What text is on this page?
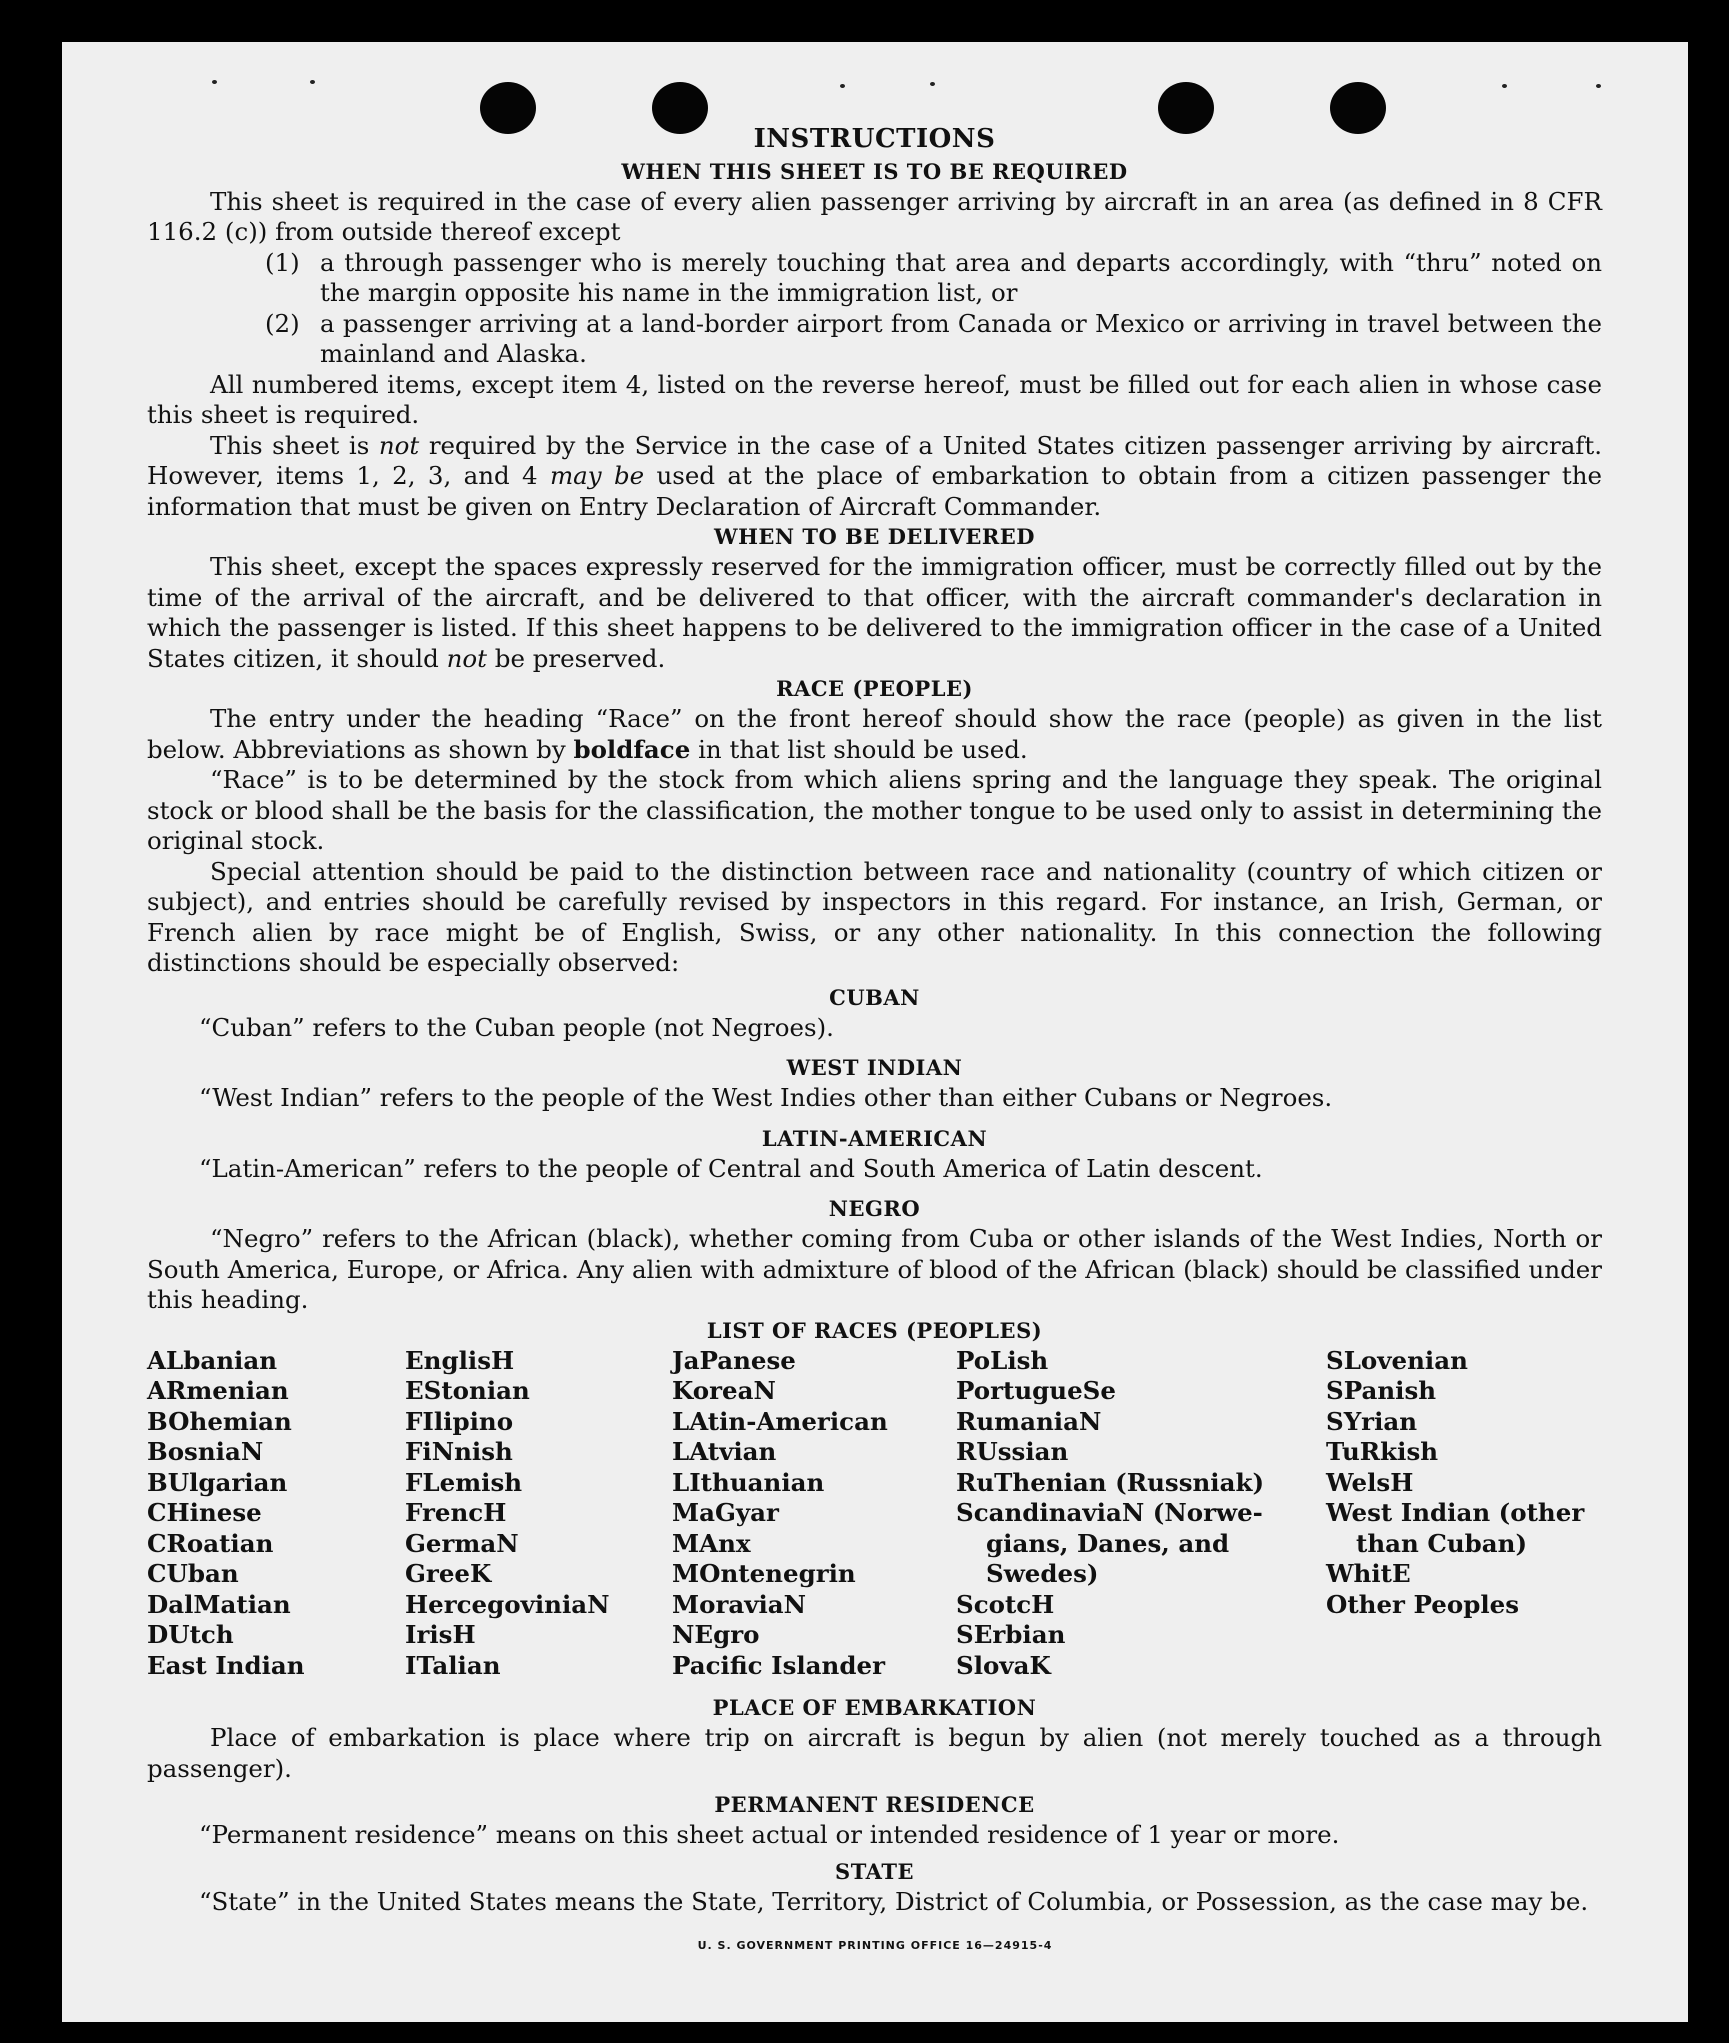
INSTRUCTIONS
WHEN THIS SHEET IS TO BE REQUIRED

This sheet is required in the case of every alien passenger arriving by aircraft in an area (as defined in 8 CFR 116.2 (c)) from outside thereof except

(1) a through passenger who is merely touching that area and departs accordingly, with “thru” noted on the margin opposite his name in the immigration list, or
(2) a passenger arriving at a land-border airport from Canada or Mexico or arriving in travel between the mainland and Alaska.

All numbered items, except item 4, listed on the reverse hereof, must be filled out for each alien in whose case this sheet is required.

This sheet is not required by the Service in the case of a United States citizen passenger arriving by aircraft. However, items 1, 2, 3, and 4 may be used at the place of embarkation to obtain from a citizen passenger the information that must be given on Entry Declaration of Aircraft Commander.

WHEN TO BE DELIVERED

This sheet, except the spaces expressly reserved for the immigration officer, must be correctly filled out by the time of the arrival of the aircraft, and be delivered to that officer, with the aircraft commander's declaration in which the passenger is listed. If this sheet happens to be delivered to the immigration officer in the case of a United States citizen, it should not be preserved.

RACE (PEOPLE)

The entry under the heading “Race” on the front hereof should show the race (people) as given in the list below. Abbreviations as shown by boldface in that list should be used.

“Race” is to be determined by the stock from which aliens spring and the language they speak. The original stock or blood shall be the basis for the classification, the mother tongue to be used only to assist in determining the original stock.

Special attention should be paid to the distinction between race and nationality (country of which citizen or subject), and entries should be carefully revised by inspectors in this regard. For instance, an Irish, German, or French alien by race might be of English, Swiss, or any other nationality. In this connection the following distinctions should be especially observed:

CUBAN

“Cuban” refers to the Cuban people (not Negroes).

WEST INDIAN

“West Indian” refers to the people of the West Indies other than either Cubans or Negroes.

LATIN-AMERICAN

“Latin-American” refers to the people of Central and South America of Latin descent.

NEGRO

“Negro” refers to the African (black), whether coming from Cuba or other islands of the West Indies, North or South America, Europe, or Africa. Any alien with admixture of blood of the African (black) should be classified under this heading.

LIST OF RACES (PEOPLES)
ALbanian
ARmenian
BOhemian
BosniaN
BUlgarian
CHinese
CRoatian
CUban
DalMatian
DUtch
East Indian
EnglisH
EStonian
FIlipino
FiNnish
FLemish
FrencH
GermaN
GreeK
HercegoviniaN
IrisH
ITalian
JaPanese
KoreaN
LAtin-American
LAtvian
LIthuanian
MaGyar
MAnx
MOntenegrin
MoraviaN
NEgro
Pacific Islander
PoLish
PortugueSe
RumaniaN
RUssian
RuThenian (Russniak)
ScandinaviaN (Norwe-
gians, Danes, and
Swedes)
ScotcH
SErbian
SlovaK
SLovenian
SPanish
SYrian
TuRkish
WelsH
West Indian (other
than Cuban)
WhitE
Other Peoples
PLACE OF EMBARKATION

Place of embarkation is place where trip on aircraft is begun by alien (not merely touched as a through passenger).

PERMANENT RESIDENCE

“Permanent residence” means on this sheet actual or intended residence of 1 year or more.

STATE

“State” in the United States means the State, Territory, District of Columbia, or Possession, as the case may be.

U. S. GOVERNMENT PRINTING OFFICE 16—24915-4
